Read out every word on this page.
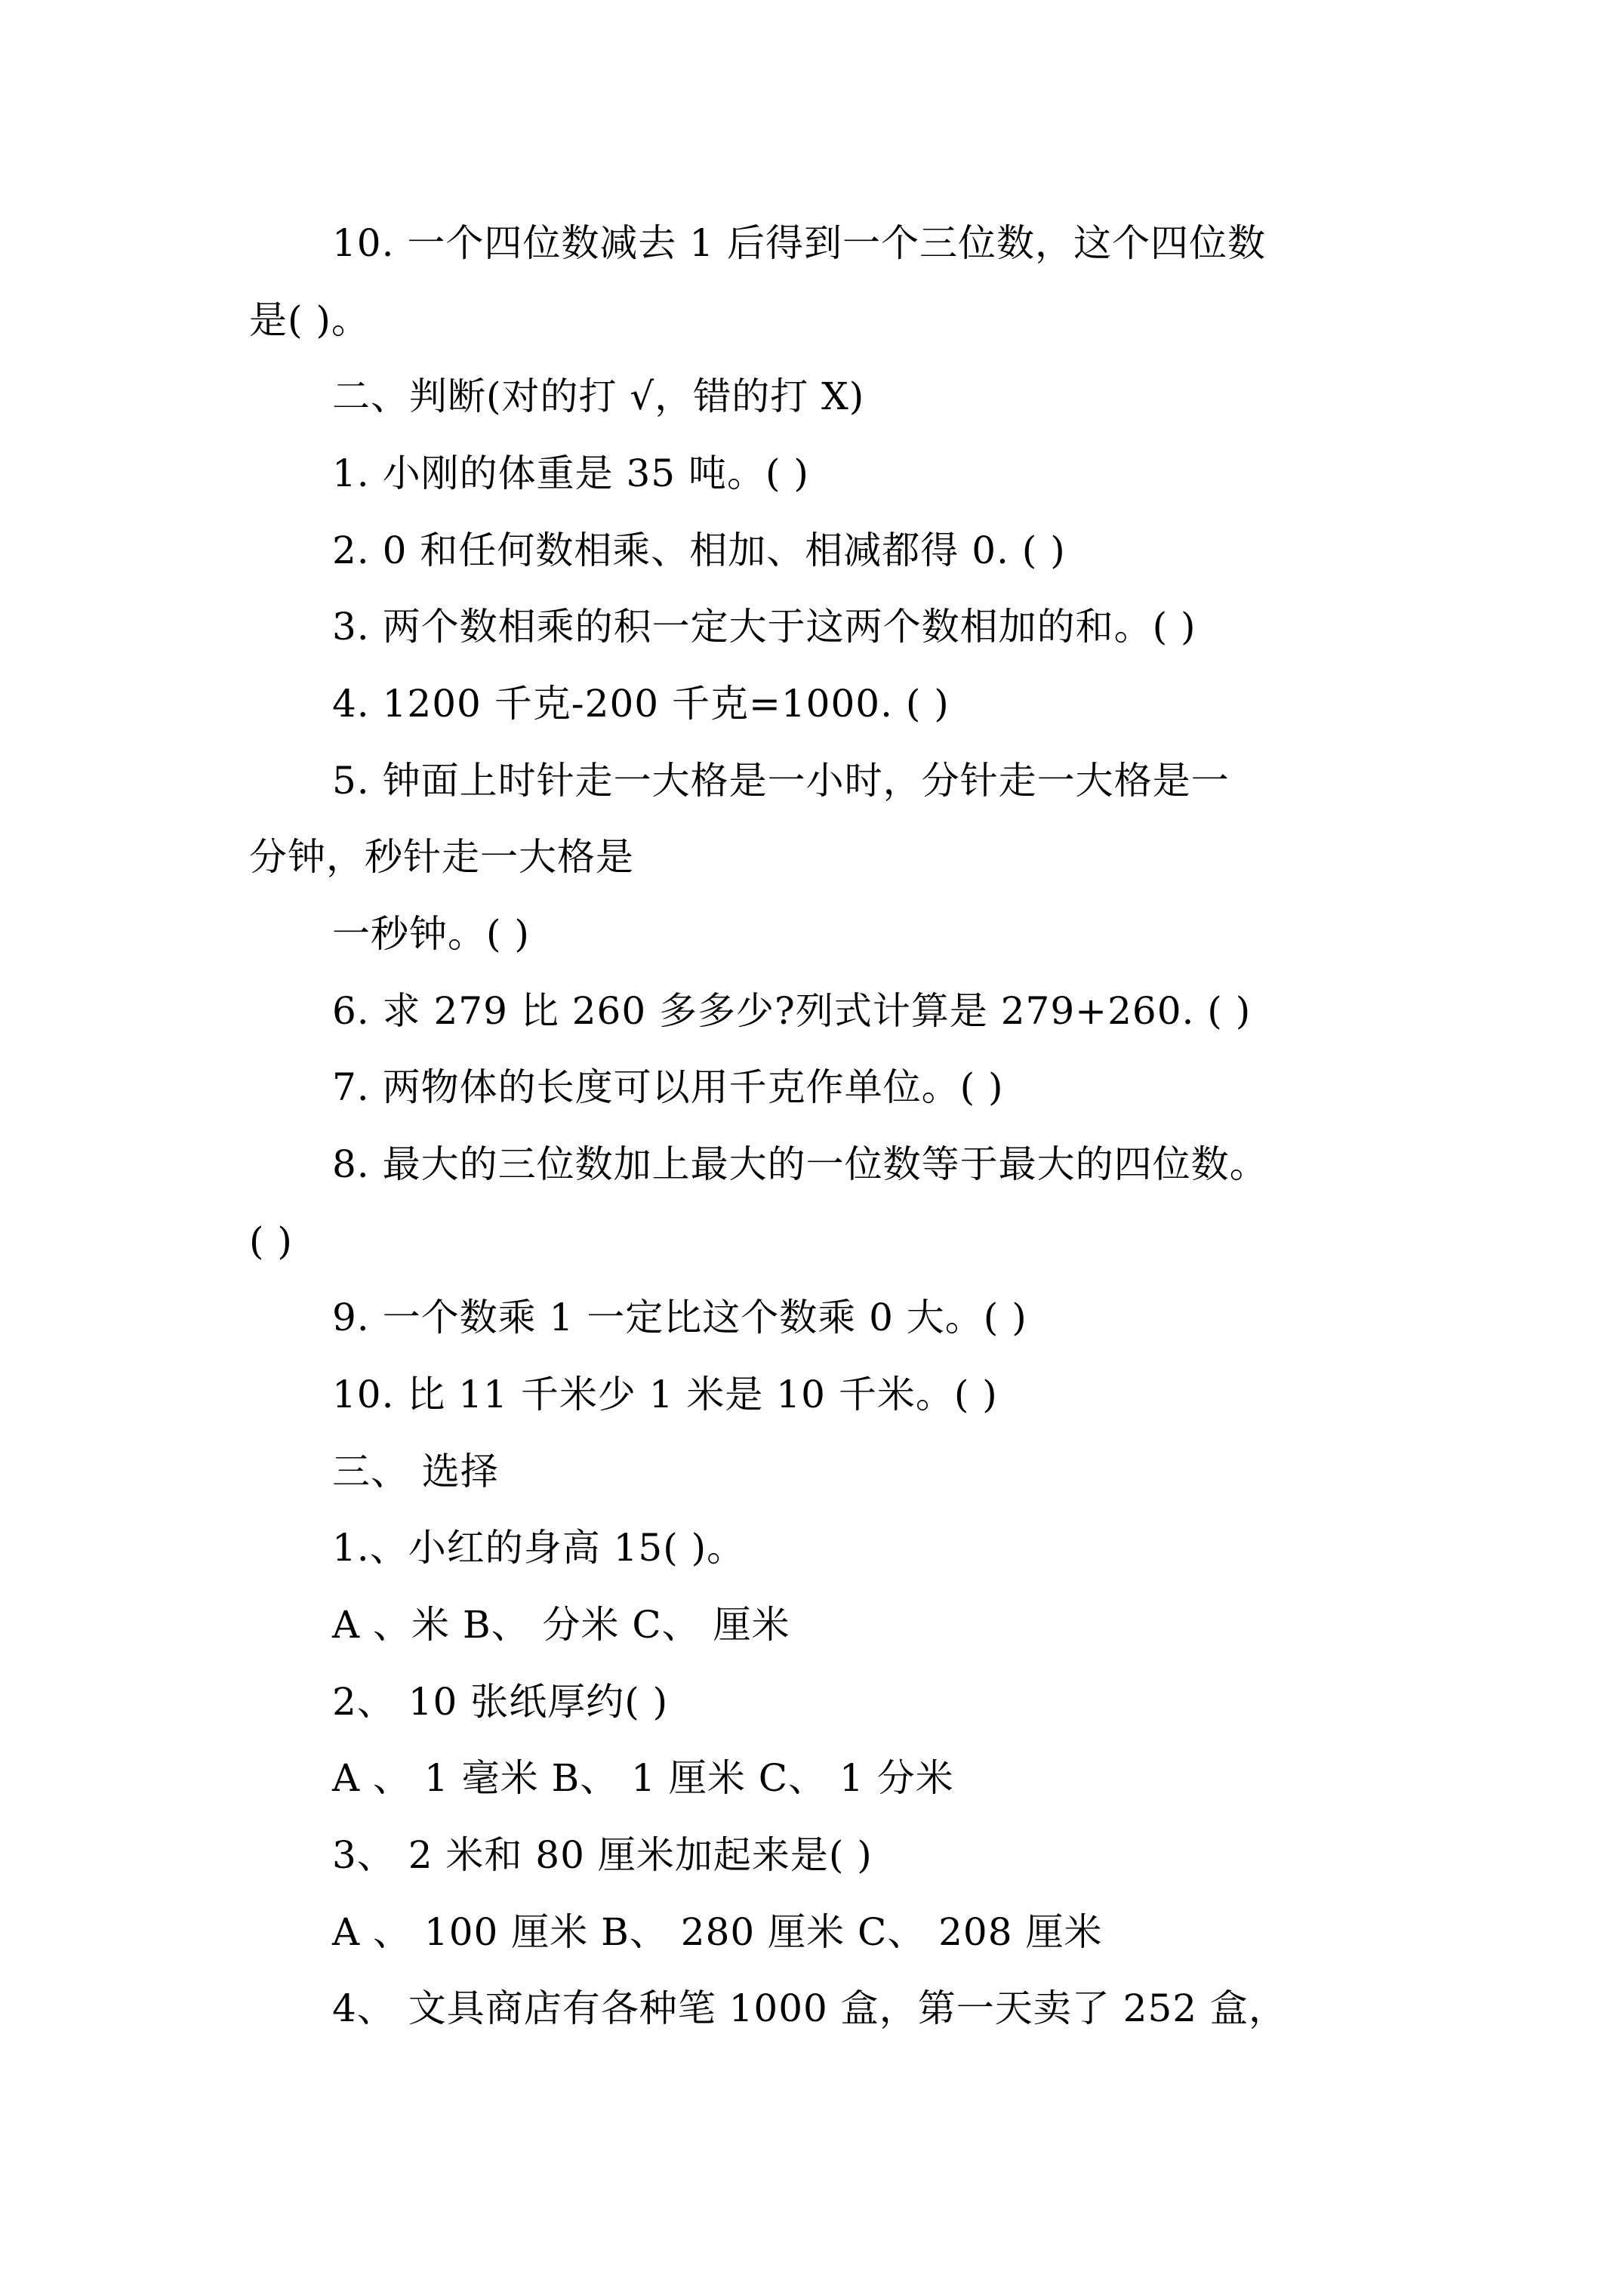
10. 一个四位数减去 1 后得到一个三位数，这个四位数
是( )。
二、判断(对的打 √，错的打 X)
1. 小刚的体重是 35 吨。( )
2. 0 和任何数相乘、相加、相减都得 0. ( )
3. 两个数相乘的积一定大于这两个数相加的和。( )
4. 1200 千克-200 千克=1000. ( )
5. 钟面上时针走一大格是一小时，分针走一大格是一
分钟，秒针走一大格是
一秒钟。( )
6. 求 279 比 260 多多少?列式计算是 279+260. ( )
7. 两物体的长度可以用千克作单位。( )
8. 最大的三位数加上最大的一位数等于最大的四位数。
( )
9. 一个数乘 1 一定比这个数乘 0 大。( )
10. 比 11 千米少 1 米是 10 千米。( )
三、 选择
1.、小红的身高 15( )。
A 、米 B、 分米 C、 厘米
2、 10 张纸厚约( )
A 、 1 毫米 B、 1 厘米 C、 1 分米
3、 2 米和 80 厘米加起来是( )
A 、 100 厘米 B、 280 厘米 C、 208 厘米
4、 文具商店有各种笔 1000 盒，第一天卖了 252 盒，
